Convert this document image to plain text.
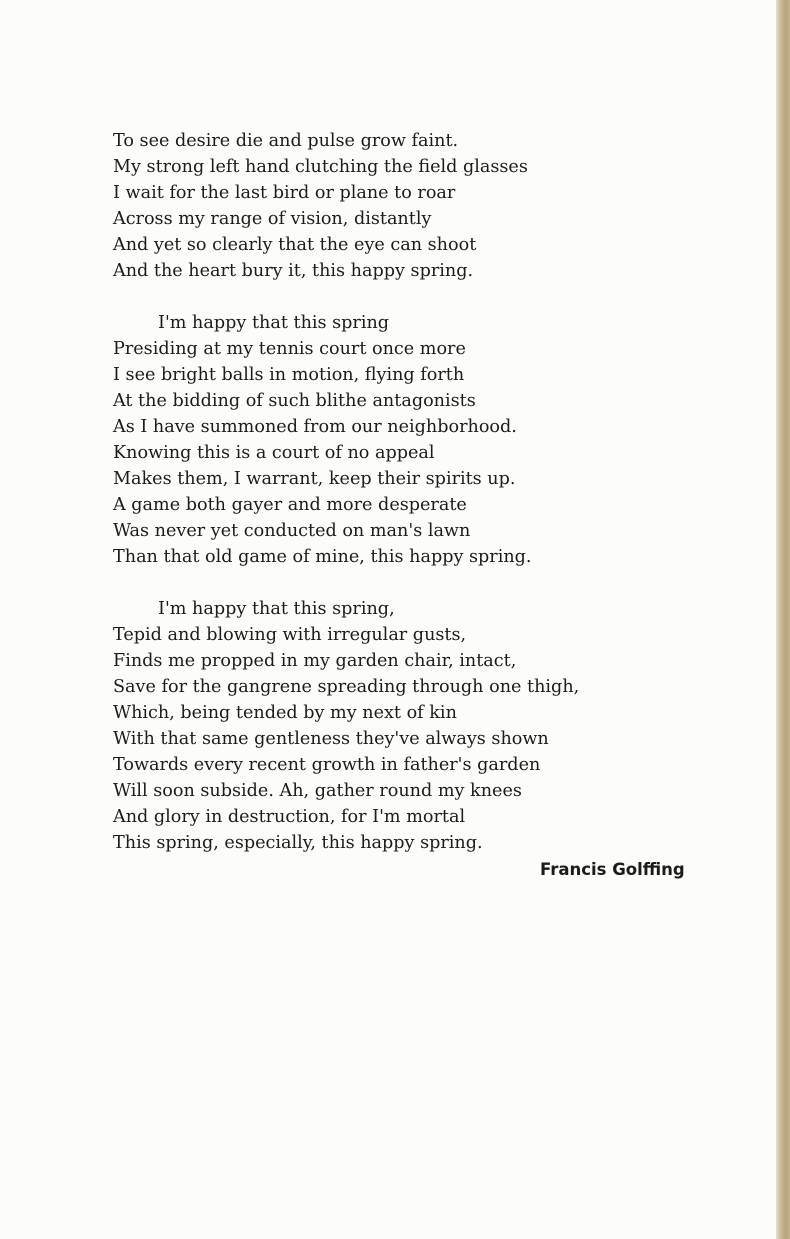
To see desire die and pulse grow faint.
My strong left hand clutching the field glasses
I wait for the last bird or plane to roar
Across my range of vision, distantly
And yet so clearly that the eye can shoot
And the heart bury it, this happy spring.
I'm happy that this spring
Presiding at my tennis court once more
I see bright balls in motion, flying forth
At the bidding of such blithe antagonists
As I have summoned from our neighborhood.
Knowing this is a court of no appeal
Makes them, I warrant, keep their spirits up.
A game both gayer and more desperate
Was never yet conducted on man's lawn
Than that old game of mine, this happy spring.
I'm happy that this spring,
Tepid and blowing with irregular gusts,
Finds me propped in my garden chair, intact,
Save for the gangrene spreading through one thigh,
Which, being tended by my next of kin
With that same gentleness they've always shown
Towards every recent growth in father's garden
Will soon subside. Ah, gather round my knees
And glory in destruction, for I'm mortal
This spring, especially, this happy spring.
Francis Golffing
